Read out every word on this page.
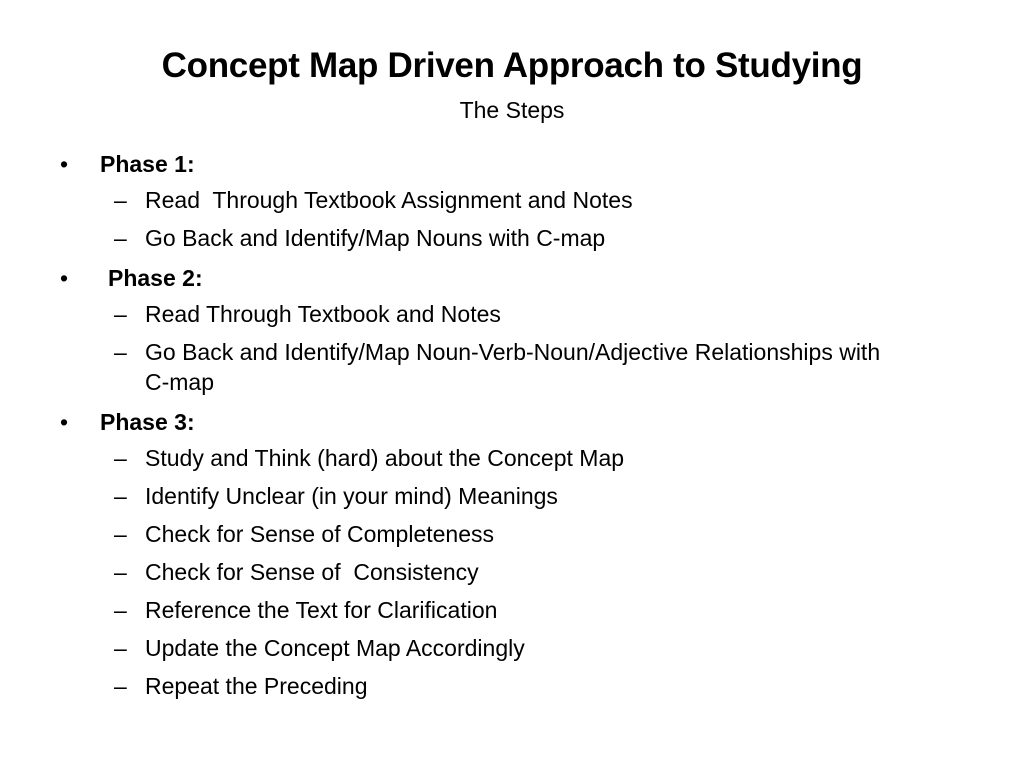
Concept Map Driven Approach to Studying
The Steps
•	Phase 1:
– Read  Through Textbook Assignment and Notes
– Go Back and Identify/Map Nouns with C-map
•	Phase 2:
– Read Through Textbook and Notes
– Go Back and Identify/Map Noun-Verb-Noun/Adjective Relationships with C-map
•	Phase 3:
– Study and Think (hard) about the Concept Map
– Identify Unclear (in your mind) Meanings
– Check for Sense of Completeness
– Check for Sense of  Consistency
– Reference the Text for Clarification
– Update the Concept Map Accordingly
– Repeat the Preceding
